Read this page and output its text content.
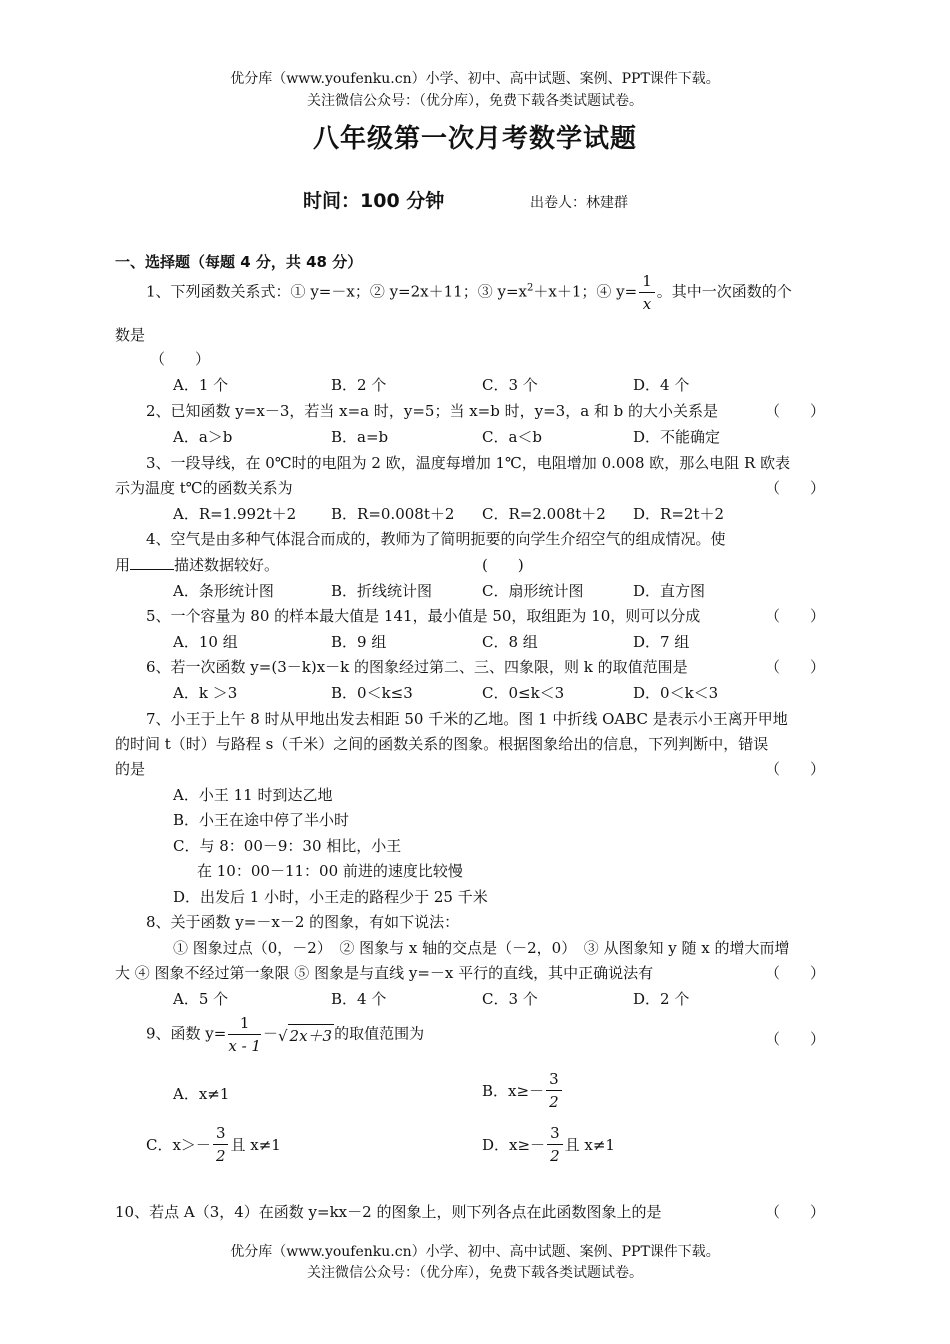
优分库（www.youfenku.cn）小学、初中、高中试题、案例、PPT课件下载。
关注微信公众号：（优分库），免费下载各类试题试卷。
八年级第一次月考数学试题
时间：100 分钟	出卷人：林建群
一、选择题（每题 4 分，共 48 分）
1、下列函数关系式：① y=－x；② y=2x＋11；③ $y=x^2+x+1$；④ $y= \frac{1}{x}$ 。其中一次函数的个
数是
（　　）
A．1 个	B．2 个	C．3 个	D．4 个
2、已知函数 y=x－3，若当 x=a 时，y=5；当 x=b 时，y=3，a 和 b 的大小关系是	（　　）
A．a＞b	B．a=b	C．a＜b	D．不能确定
3、一段导线，在 0℃时的电阻为 2 欧，温度每增加 1℃，电阻增加 0.008 欧，那么电阻 R 欧表
示为温度 t℃的函数关系为	（　　）
A．R=1.992t＋2 B．R=0.008t＋2 C．R=2.008t＋2 D．R=2t＋2
4、空气是由多种气体混合而成的，教师为了简明扼要的向学生介绍空气的组成情况。使
用	描述数据较好。	(　　)
A．条形统计图	B．折线统计图	C．扇形统计图	D．直方图
5、一个容量为 80 的样本最大值是 141，最小值是 50，取组距为 10，则可以分成	（　　）
A．10 组	B．9 组	C．8 组	D．7 组
6、若一次函数 y=(3－k)x－k 的图象经过第二、三、四象限，则 k 的取值范围是	（　　）
A．k ＞3	B．0＜k≤3	C．0≤k＜3	D．0＜k＜3
7、小王于上午 8 时从甲地出发去相距 50 千米的乙地。图 1 中折线 OABC 是表示小王离开甲地
的时间 t（时）与路程 s（千米）之间的函数关系的图象。根据图象给出的信息，下列判断中，错误
的是	（　　）
A．小王 11 时到达乙地
B．小王在途中停了半小时
C．与 8：00－9：30 相比，小王
在 10：00－11：00 前进的速度比较慢
D．出发后 1 小时，小王走的路程少于 25 千米
8、关于函数 y=－x－2 的图象，有如下说法：
① 图象过点（0，－2）　② 图象与 x 轴的交点是（－2，0）　③ 从图象知 y 随 x 的增大而增
大 ④ 图象不经过第一象限 ⑤ 图象是与直线 y=－x 平行的直线，其中正确说法有	（　　）
A．5 个	B．4 个	C．3 个	D．2 个
9、函数 $y= \frac{1}{x - 1}$ －√ 2x＋3 的取值范围为	（　　）
A．x≠1	B．$x\ge- \frac{3}{2}$
C．$x>- \frac{3}{2}$ 且 x≠1	D．$x\ge- \frac{3}{2}$ 且 x≠1
10、若点 A（3，4）在函数 y=kx－2 的图象上，则下列各点在此函数图象上的是	（　　）
优分库（www.youfenku.cn）小学、初中、高中试题、案例、PPT课件下载。
关注微信公众号：（优分库），免费下载各类试题试卷。
